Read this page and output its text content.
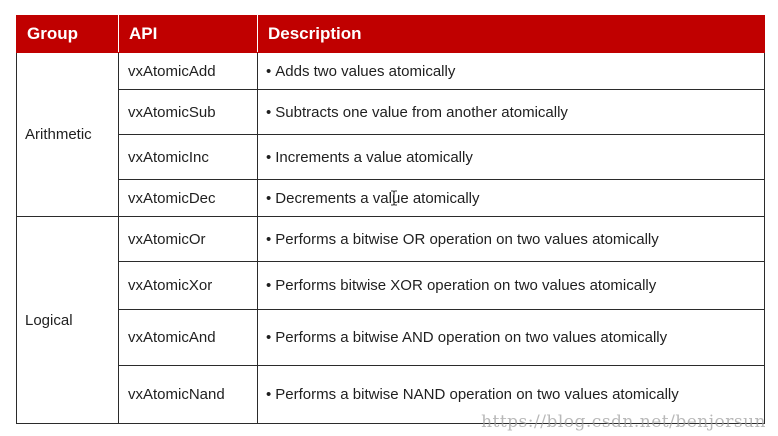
Group	API	Description
Arithmetic	vxAtomicAdd	• Adds two values atomically
	vxAtomicSub	• Subtracts one value from another atomically
	vxAtomicInc	• Increments a value atomically
	vxAtomicDec	• Decrements a value atomically
Logical	vxAtomicOr	• Performs a bitwise OR operation on two values atomically
	vxAtomicXor	• Performs bitwise XOR operation on two values atomically
	vxAtomicAnd	• Performs a bitwise AND operation on two values atomically
	vxAtomicNand	• Performs a bitwise NAND operation on two values atomically
https://blog.csdn.net/benjorsun
